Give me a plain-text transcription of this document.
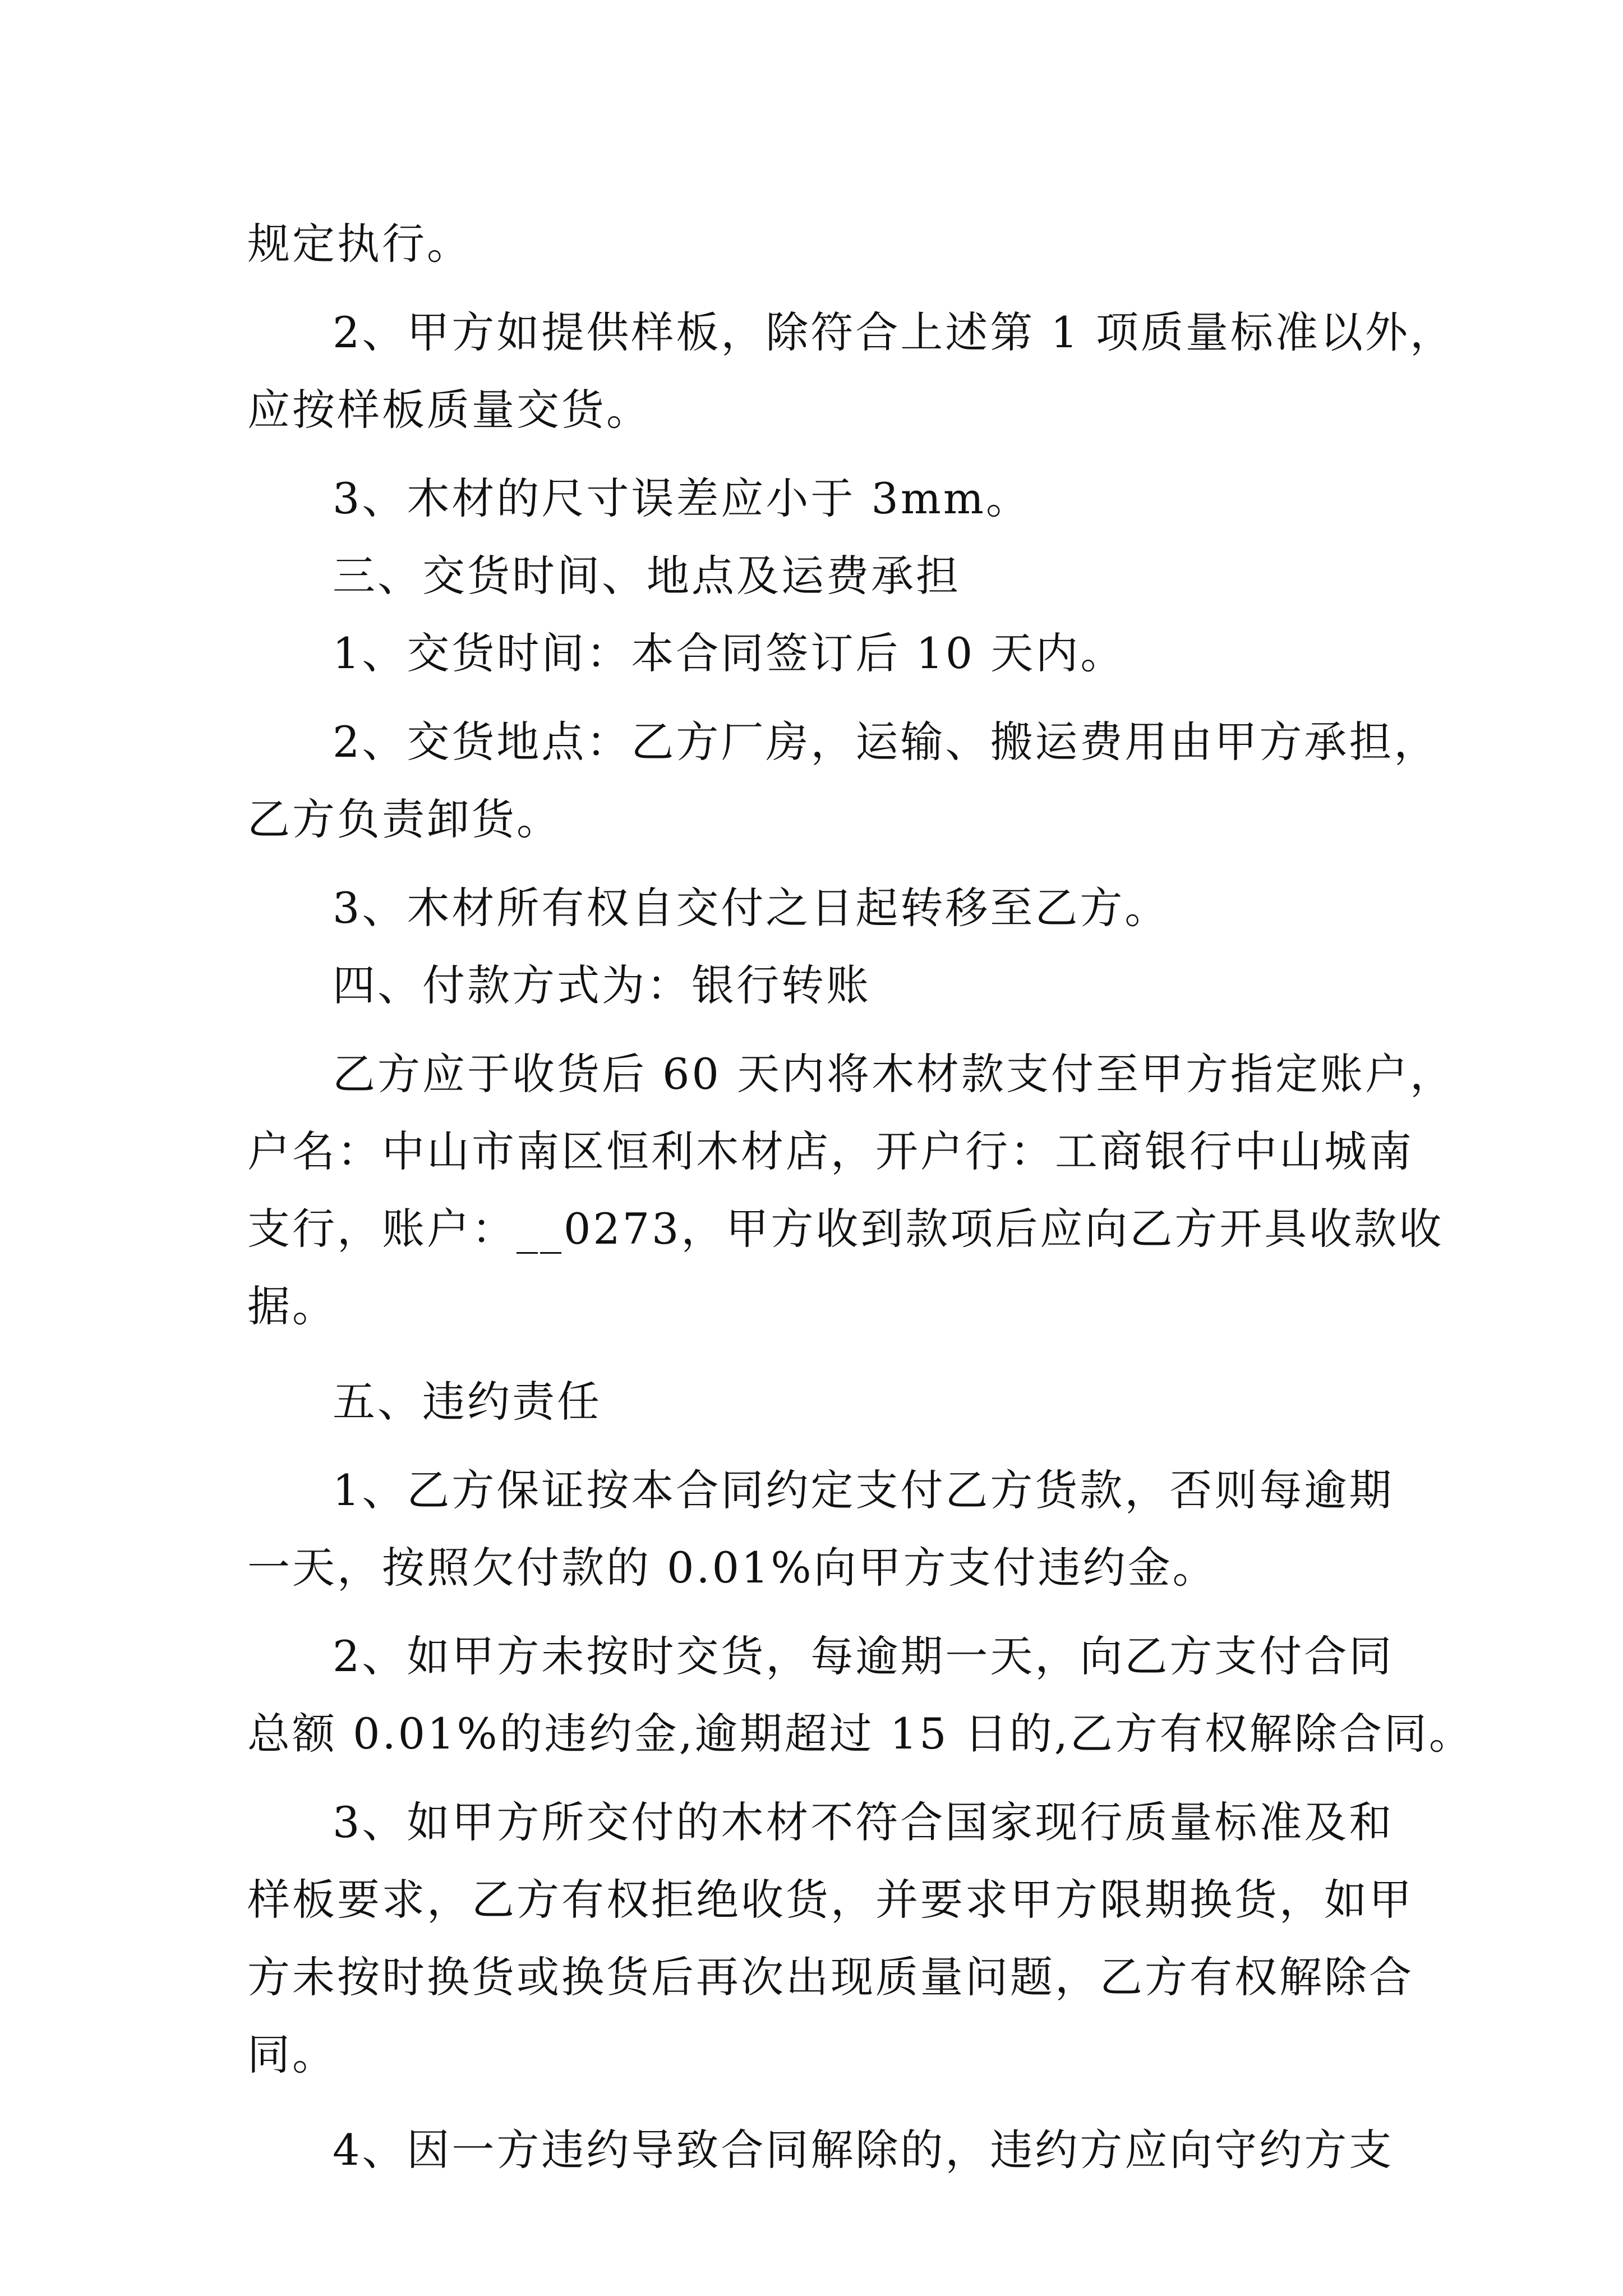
规定执行。

2、甲方如提供样板，除符合上述第 1 项质量标准以外，

应按样板质量交货。

3、木材的尺寸误差应小于 3mm。

三、交货时间、地点及运费承担

1、交货时间：本合同签订后 10 天内。

2、交货地点：乙方厂房，运输、搬运费用由甲方承担，

乙方负责卸货。

3、木材所有权自交付之日起转移至乙方。

四、付款方式为：银行转账

乙方应于收货后 60 天内将木材款支付至甲方指定账户，

户名：中山市南区恒利木材店，开户行：工商银行中山城南

支行，账户：__0273，甲方收到款项后应向乙方开具收款收

据。

五、违约责任

1、乙方保证按本合同约定支付乙方货款，否则每逾期

一天，按照欠付款的 0.01%向甲方支付违约金。

2、如甲方未按时交货，每逾期一天，向乙方支付合同

总额 0.01%的违约金,逾期超过 15 日的,乙方有权解除合同。

3、如甲方所交付的木材不符合国家现行质量标准及和

样板要求，乙方有权拒绝收货，并要求甲方限期换货，如甲

方未按时换货或换货后再次出现质量问题，乙方有权解除合

同。

4、因一方违约导致合同解除的，违约方应向守约方支
